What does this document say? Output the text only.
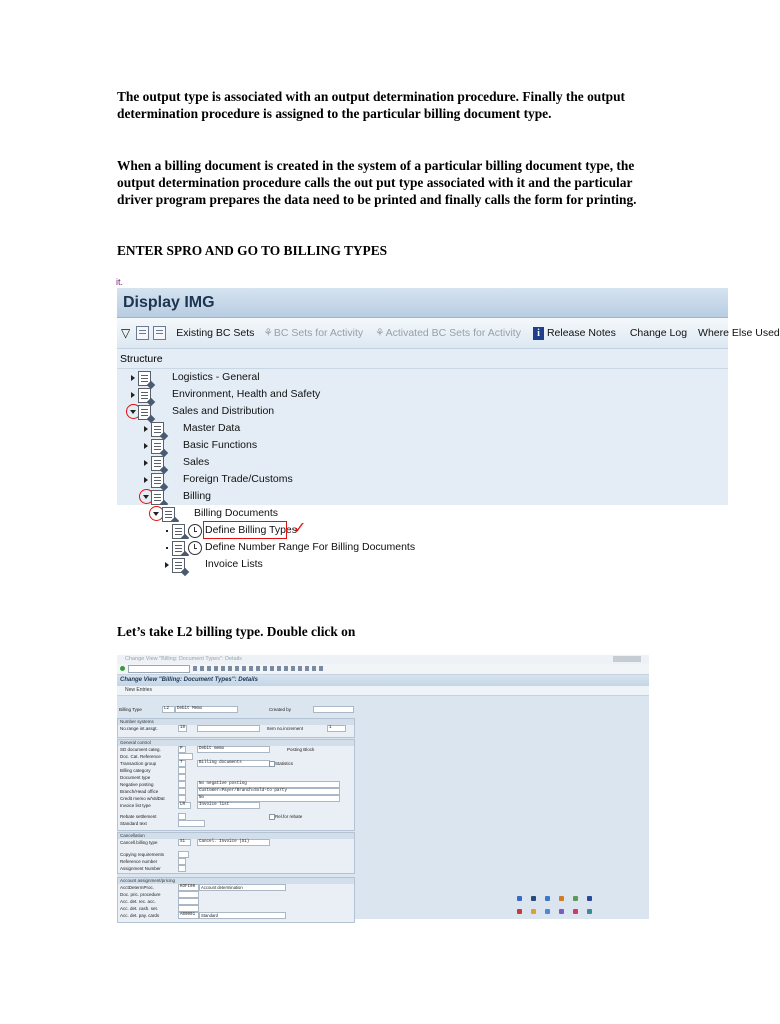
The output type is associated with an output determination procedure. Finally the output determination procedure is assigned to the particular billing document type.

When a billing document is created in the system of a particular billing document type, the output determination procedure calls the out put type associated with it and the particular driver program prepares the data need to be printed and finally calls the form for printing.

ENTER SPRO AND GO TO BILLING TYPES

it.
Display IMG
▽	Existing BC Sets ⚘ BC Sets for Activity ⚘ Activated BC Sets for Activity	i Release Notes Change Log Where Else Used
Structure
Logistics - General
Environment, Health and Safety
Sales and Distribution
Master Data
Basic Functions
Sales
Foreign Trade/Customs
Billing
Billing Documents
Define Billing Types
✓
Define Number Range For Billing Documents
Invoice Lists

Let’s take L2 billing type. Double click on

Change View "Billing: Document Types": Details
Change View "Billing: Document Types": Details
New Entries
Billing Type	L2	Debit Memo	Created by
Number systems
No.range int.assgt.	19	Item no.increment	1
General control
SD document categ.	P	Debit memo	Posting Block
Doc. Cat. Reference
Transaction group	7	Billing documents	Statistics
Billing category
Document type
Negative posting	No negative posting
Branch/Head office	Customer=Payer/Branch=Sold-to party
Credit memo w/ValDat	No
Invoice list type	LR	Invoice list
Rebate settlement	Rel.for rebate
Standard text
Cancellation
Cancell.billing type	S1	Cancel. Invoice (S1)
Copying requirements
Reference number
Assignment Number
Account assignment/pricing
AcctDetermProc.	KOFI00	Account determination
Doc. pric. procedure
Acc. det. rec. acc.
Acc. det. cash. set.
Acc. det. pay. cards	A00001	Standard
